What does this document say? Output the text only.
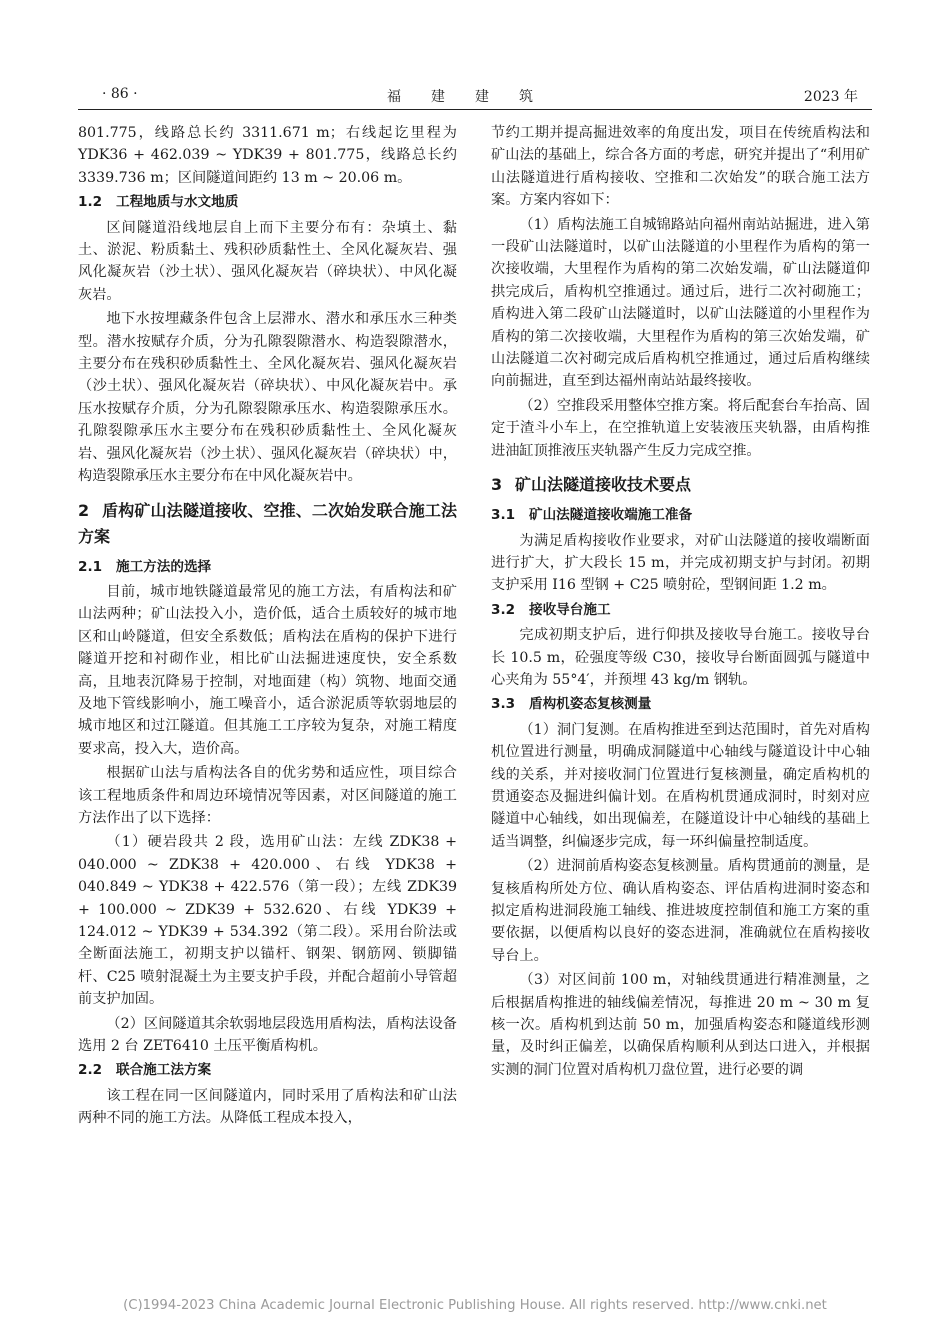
· 86 ·	福建建筑	2023 年

801.775，线路总长约 3311.671 m；右线起讫里程为 YDK36 + 462.039 ~ YDK39 + 801.775，线路总长约 3339.736 m；区间隧道间距约 13 m ~ 20.06 m。

1.2 工程地质与水文地质

区间隧道沿线地层自上而下主要分布有：杂填土、黏土、淤泥、粉质黏土、残积砂质黏性土、全风化凝灰岩、强风化凝灰岩（沙土状）、强风化凝灰岩（碎块状）、中风化凝灰岩。

地下水按埋藏条件包含上层滞水、潜水和承压水三种类型。潜水按赋存介质，分为孔隙裂隙潜水、构造裂隙潜水，主要分布在残积砂质黏性土、全风化凝灰岩、强风化凝灰岩（沙土状）、强风化凝灰岩（碎块状）、中风化凝灰岩中。承压水按赋存介质，分为孔隙裂隙承压水、构造裂隙承压水。孔隙裂隙承压水主要分布在残积砂质黏性土、全风化凝灰岩、强风化凝灰岩（沙土状）、强风化凝灰岩（碎块状）中，构造裂隙承压水主要分布在中风化凝灰岩中。

2 盾构矿山法隧道接收、空推、二次始发联合施工法方案
2.1 施工方法的选择

目前，城市地铁隧道最常见的施工方法，有盾构法和矿山法两种；矿山法投入小，造价低，适合土质较好的城市地区和山岭隧道，但安全系数低；盾构法在盾构的保护下进行隧道开挖和衬砌作业，相比矿山法掘进速度快，安全系数高，且地表沉降易于控制，对地面建（构）筑物、地面交通及地下管线影响小，施工噪音小，适合淤泥质等软弱地层的城市地区和过江隧道。但其施工工序较为复杂，对施工精度要求高，投入大，造价高。

根据矿山法与盾构法各自的优劣势和适应性，项目综合该工程地质条件和周边环境情况等因素，对区间隧道的施工方法作出了以下选择：

（1）硬岩段共 2 段，选用矿山法：左线 ZDK38 + 040.000 ~ ZDK38 + 420.000、右线 YDK38 + 040.849 ~ YDK38 + 422.576（第一段）；左线 ZDK39 + 100.000 ~ ZDK39 + 532.620、右线 YDK39 + 124.012 ~ YDK39 + 534.392（第二段）。采用台阶法或全断面法施工，初期支护以锚杆、钢架、钢筋网、锁脚锚杆、C25 喷射混凝土为主要支护手段，并配合超前小导管超前支护加固。

（2）区间隧道其余软弱地层段选用盾构法，盾构法设备选用 2 台 ZET6410 土压平衡盾构机。

2.2 联合施工法方案

该工程在同一区间隧道内，同时采用了盾构法和矿山法两种不同的施工方法。从降低工程成本投入，

节约工期并提高掘进效率的角度出发，项目在传统盾构法和矿山法的基础上，综合各方面的考虑，研究并提出了“利用矿山法隧道进行盾构接收、空推和二次始发”的联合施工法方案。方案内容如下：

（1）盾构法施工自城锦路站向福州南站站掘进，进入第一段矿山法隧道时，以矿山法隧道的小里程作为盾构的第一次接收端，大里程作为盾构的第二次始发端，矿山法隧道仰拱完成后，盾构机空推通过。通过后，进行二次衬砌施工；盾构进入第二段矿山法隧道时，以矿山法隧道的小里程作为盾构的第二次接收端，大里程作为盾构的第三次始发端，矿山法隧道二次衬砌完成后盾构机空推通过，通过后盾构继续向前掘进，直至到达福州南站站最终接收。

（2）空推段采用整体空推方案。将后配套台车抬高、固定于渣斗小车上，在空推轨道上安装液压夹轨器，由盾构推进油缸顶推液压夹轨器产生反力完成空推。

3 矿山法隧道接收技术要点
3.1 矿山法隧道接收端施工准备

为满足盾构接收作业要求，对矿山法隧道的接收端断面进行扩大，扩大段长 15 m，并完成初期支护与封闭。初期支护采用 I16 型钢 + C25 喷射砼，型钢间距 1.2 m。

3.2 接收导台施工

完成初期支护后，进行仰拱及接收导台施工。接收导台长 10.5 m，砼强度等级 C30，接收导台断面圆弧与隧道中心夹角为 55°4′，并预埋 43 kg/m 钢轨。

3.3 盾构机姿态复核测量

（1）洞门复测。在盾构推进至到达范围时，首先对盾构机位置进行测量，明确成洞隧道中心轴线与隧道设计中心轴线的关系，并对接收洞门位置进行复核测量，确定盾构机的贯通姿态及掘进纠偏计划。在盾构机贯通成洞时，时刻对应隧道中心轴线，如出现偏差，在隧道设计中心轴线的基础上适当调整，纠偏逐步完成，每一环纠偏量控制适度。

（2）进洞前盾构姿态复核测量。盾构贯通前的测量，是复核盾构所处方位、确认盾构姿态、评估盾构进洞时姿态和拟定盾构进洞段施工轴线、推进坡度控制值和施工方案的重要依据，以便盾构以良好的姿态进洞，准确就位在盾构接收导台上。

（3）对区间前 100 m，对轴线贯通进行精准测量，之后根据盾构推进的轴线偏差情况，每推进 20 m ~ 30 m 复核一次。盾构机到达前 50 m，加强盾构姿态和隧道线形测量，及时纠正偏差，以确保盾构顺利从到达口进入，并根据实测的洞门位置对盾构机刀盘位置，进行必要的调

(C)1994-2023 China Academic Journal Electronic Publishing House. All rights reserved. http://www.cnki.net
